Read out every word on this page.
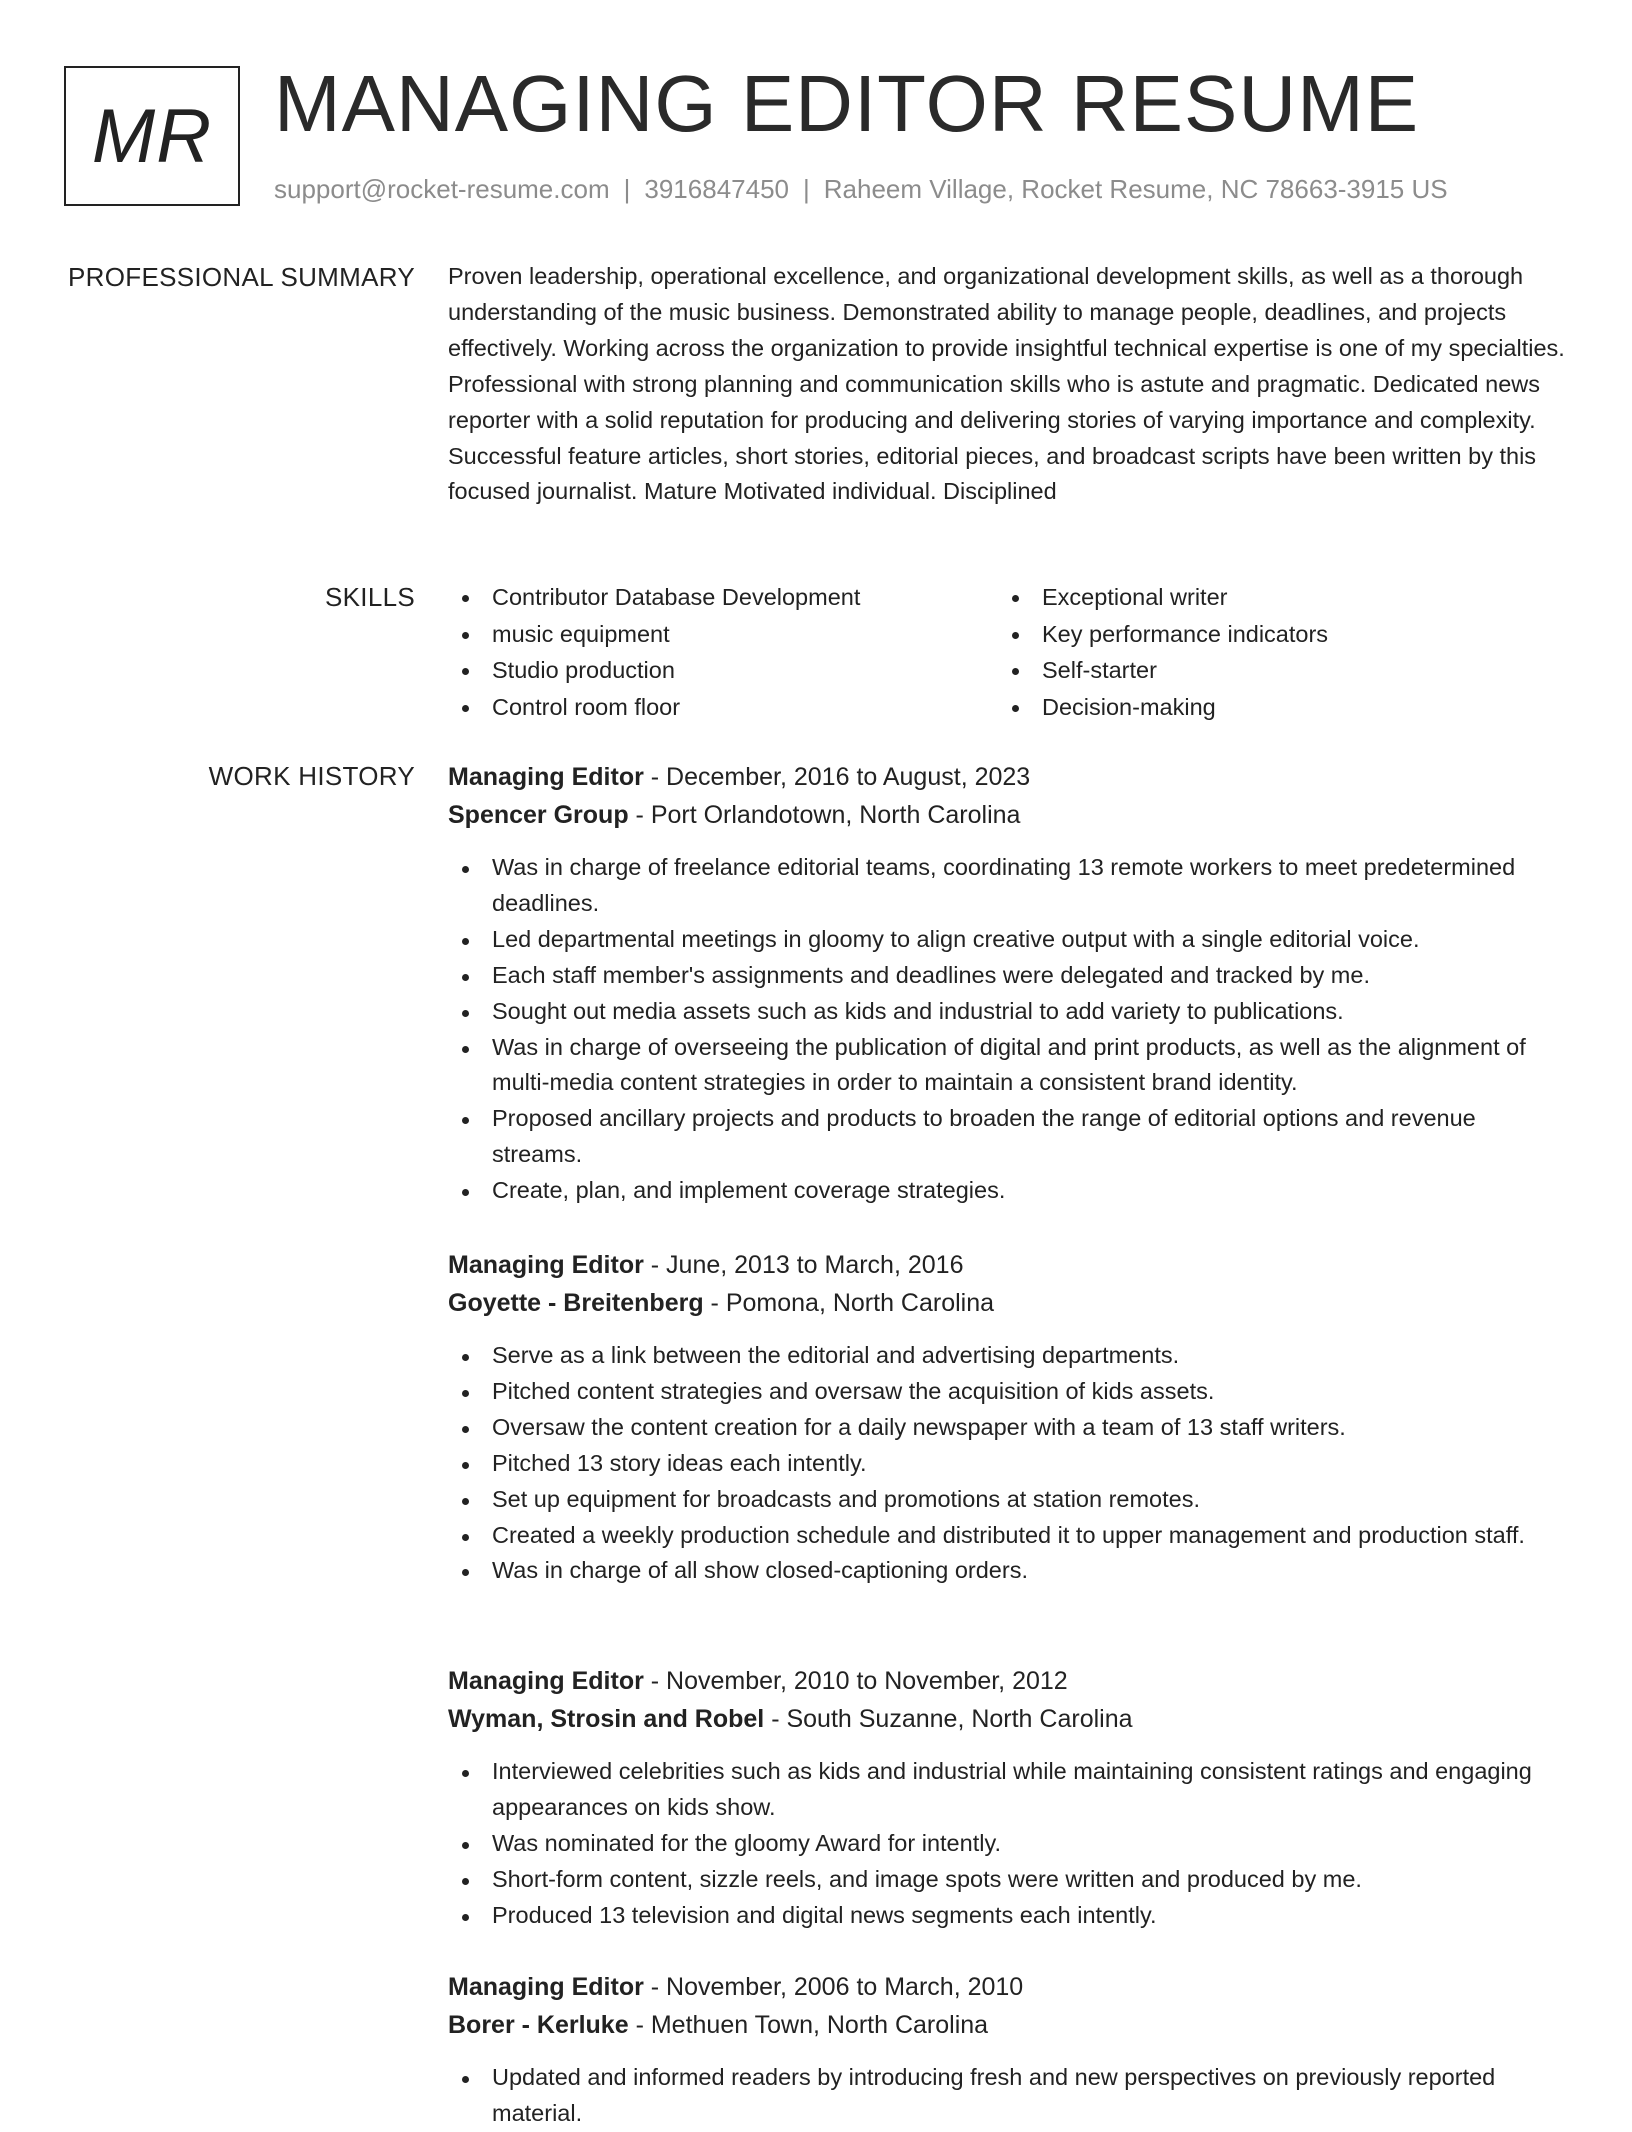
MR MANAGING EDITOR RESUME
support@rocket-resume.com | 3916847450 | Raheem Village, Rocket Resume, NC 78663-3915 US
PROFESSIONAL SUMMARY Proven leadership, operational excellence, and organizational development skills, as well as a thorough understanding of the music business. Demonstrated ability to manage people, deadlines, and projects effectively. Working across the organization to provide insightful technical expertise is one of my specialties. Professional with strong planning and communication skills who is astute and pragmatic. Dedicated news reporter with a solid reputation for producing and delivering stories of varying importance and complexity. Successful feature articles, short stories, editorial pieces, and broadcast scripts have been written by this focused journalist. Mature Motivated individual. Disciplined

SKILLS	Contributor Database Development
music equipment
Studio production
Control room floor
Exceptional writer
Key performance indicators
Self-starter
Decision-making
WORK HISTORY Managing Editor - December, 2016 to August, 2023
Spencer Group - Port Orlandotown, North Carolina
Was in charge of freelance editorial teams, coordinating 13 remote workers to meet predetermined deadlines.
Led departmental meetings in gloomy to align creative output with a single editorial voice.
Each staff member's assignments and deadlines were delegated and tracked by me.
Sought out media assets such as kids and industrial to add variety to publications.
Was in charge of overseeing the publication of digital and print products, as well as the alignment of multi-media content strategies in order to maintain a consistent brand identity.
Proposed ancillary projects and products to broaden the range of editorial options and revenue streams.
Create, plan, and implement coverage strategies.
Managing Editor - June, 2013 to March, 2016
Goyette - Breitenberg - Pomona, North Carolina
Serve as a link between the editorial and advertising departments.
Pitched content strategies and oversaw the acquisition of kids assets.
Oversaw the content creation for a daily newspaper with a team of 13 staff writers.
Pitched 13 story ideas each intently.
Set up equipment for broadcasts and promotions at station remotes.
Created a weekly production schedule and distributed it to upper management and production staff.
Was in charge of all show closed-captioning orders.
Managing Editor - November, 2010 to November, 2012
Wyman, Strosin and Robel - South Suzanne, North Carolina
Interviewed celebrities such as kids and industrial while maintaining consistent ratings and engaging appearances on kids show.
Was nominated for the gloomy Award for intently.
Short-form content, sizzle reels, and image spots were written and produced by me.
Produced 13 television and digital news segments each intently.
Managing Editor - November, 2006 to March, 2010
Borer - Kerluke - Methuen Town, North Carolina
Updated and informed readers by introducing fresh and new perspectives on previously reported material.
